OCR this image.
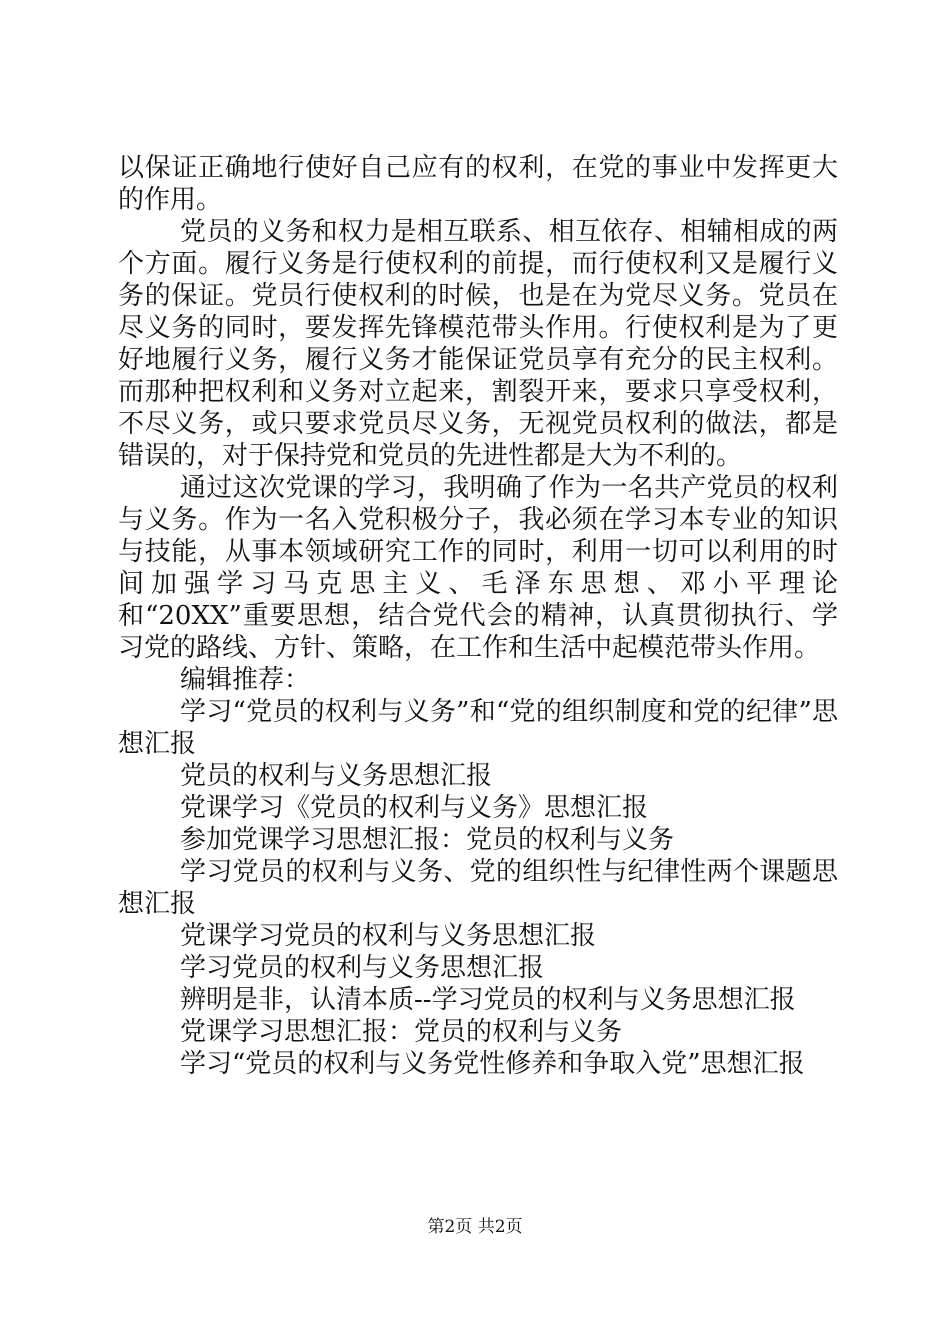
以保证正确地行使好自己应有的权利，在党的事业中发挥更大的作用。

党员的义务和权力是相互联系、相互依存、相辅相成的两个方面。履行义务是行使权利的前提，而行使权利又是履行义务的保证。党员行使权利的时候，也是在为党尽义务。党员在尽义务的同时，要发挥先锋模范带头作用。行使权利是为了更好地履行义务，履行义务才能保证党员享有充分的民主权利。而那种把权利和义务对立起来，割裂开来，要求只享受权利，不尽义务，或只要求党员尽义务，无视党员权利的做法，都是错误的，对于保持党和党员的先进性都是大为不利的。

通过这次党课的学习，我明确了作为一名共产党员的权利与义务。作为一名入党积极分子，我必须在学习本专业的知识与技能，从事本领域研究工作的同时，利用一切可以利用的时间加强学习马克思主义、毛泽东思想、邓小平理论和“20XX”重要思想，结合党代会的精神，认真贯彻执行、学习党的路线、方针、策略，在工作和生活中起模范带头作用。

编辑推荐：

学习“党员的权利与义务”和“党的组织制度和党的纪律”思想汇报

党员的权利与义务思想汇报

党课学习《党员的权利与义务》思想汇报

参加党课学习思想汇报：党员的权利与义务

学习党员的权利与义务、党的组织性与纪律性两个课题思想汇报

党课学习党员的权利与义务思想汇报

学习党员的权利与义务思想汇报

辨明是非，认清本质--学习党员的权利与义务思想汇报

党课学习思想汇报：党员的权利与义务

学习“党员的权利与义务党性修养和争取入党”思想汇报

第2页 共2页
